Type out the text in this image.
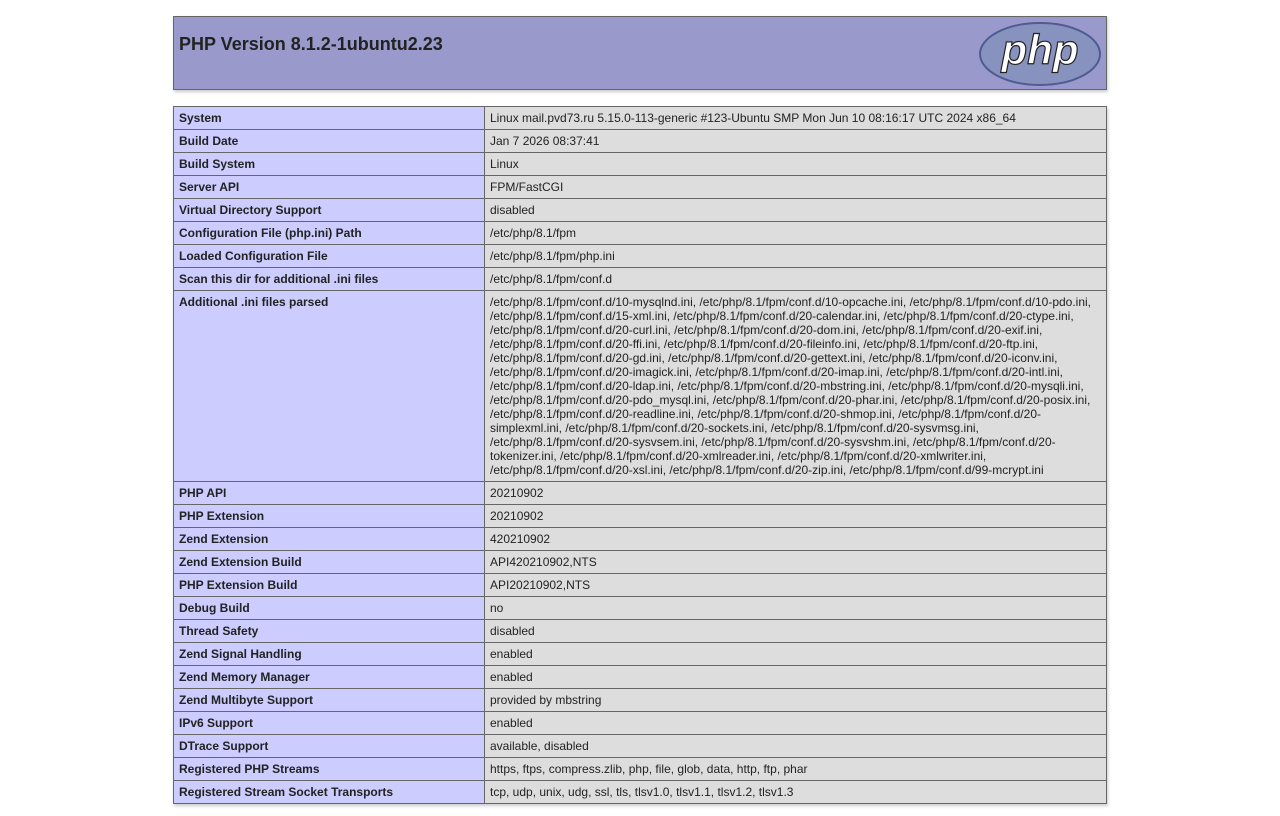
PHP Version 8.1.2-1ubuntu2.23	php
System	Linux mail.pvd73.ru 5.15.0-113-generic #123-Ubuntu SMP Mon Jun 10 08:16:17 UTC 2024 x86_64
Build Date	Jan 7 2026 08:37:41
Build System	Linux
Server API	FPM/FastCGI
Virtual Directory Support	disabled
Configuration File (php.ini) Path	/etc/php/8.1/fpm
Loaded Configuration File	/etc/php/8.1/fpm/php.ini
Scan this dir for additional .ini files	/etc/php/8.1/fpm/conf.d
Additional .ini files parsed	/etc/php/8.1/fpm/conf.d/10-mysqlnd.ini, /etc/php/8.1/fpm/conf.d/10-opcache.ini, /etc/php/8.1/fpm/conf.d/10-pdo.ini, /etc/php/8.1/fpm/conf.d/15-xml.ini, /etc/php/8.1/fpm/conf.d/20-calendar.ini, /etc/php/8.1/fpm/conf.d/20-ctype.ini, /etc/php/8.1/fpm/conf.d/20-curl.ini, /etc/php/8.1/fpm/conf.d/20-dom.ini, /etc/php/8.1/fpm/conf.d/20-exif.ini, /etc/php/8.1/fpm/conf.d/20-ffi.ini, /etc/php/8.1/fpm/conf.d/20-fileinfo.ini, /etc/php/8.1/fpm/conf.d/20-ftp.ini, /etc/php/8.1/fpm/conf.d/20-gd.ini, /etc/php/8.1/fpm/conf.d/20-gettext.ini, /etc/php/8.1/fpm/conf.d/20-iconv.ini, /etc/php/8.1/fpm/conf.d/20-imagick.ini, /etc/php/8.1/fpm/conf.d/20-imap.ini, /etc/php/8.1/fpm/conf.d/20-intl.ini, /etc/php/8.1/fpm/conf.d/20-ldap.ini, /etc/php/8.1/fpm/conf.d/20-mbstring.ini, /etc/php/8.1/fpm/conf.d/20-mysqli.ini, /etc/php/8.1/fpm/conf.d/20-pdo_mysql.ini, /etc/php/8.1/fpm/conf.d/20-phar.ini, /etc/php/8.1/fpm/conf.d/20-posix.ini, /etc/php/8.1/fpm/conf.d/20-readline.ini, /etc/php/8.1/fpm/conf.d/20-shmop.ini, /etc/php/8.1/fpm/conf.d/20-simplexml.ini, /etc/php/8.1/fpm/conf.d/20-sockets.ini, /etc/php/8.1/fpm/conf.d/20-sysvmsg.ini, /etc/php/8.1/fpm/conf.d/20-sysvsem.ini, /etc/php/8.1/fpm/conf.d/20-sysvshm.ini, /etc/php/8.1/fpm/conf.d/20-tokenizer.ini, /etc/php/8.1/fpm/conf.d/20-xmlreader.ini, /etc/php/8.1/fpm/conf.d/20-xmlwriter.ini, /etc/php/8.1/fpm/conf.d/20-xsl.ini, /etc/php/8.1/fpm/conf.d/20-zip.ini, /etc/php/8.1/fpm/conf.d/99-mcrypt.ini
PHP API	20210902
PHP Extension	20210902
Zend Extension	420210902
Zend Extension Build	API420210902,NTS
PHP Extension Build	API20210902,NTS
Debug Build	no
Thread Safety	disabled
Zend Signal Handling	enabled
Zend Memory Manager	enabled
Zend Multibyte Support	provided by mbstring
IPv6 Support	enabled
DTrace Support	available, disabled
Registered PHP Streams	https, ftps, compress.zlib, php, file, glob, data, http, ftp, phar
Registered Stream Socket Transports	tcp, udp, unix, udg, ssl, tls, tlsv1.0, tlsv1.1, tlsv1.2, tlsv1.3
